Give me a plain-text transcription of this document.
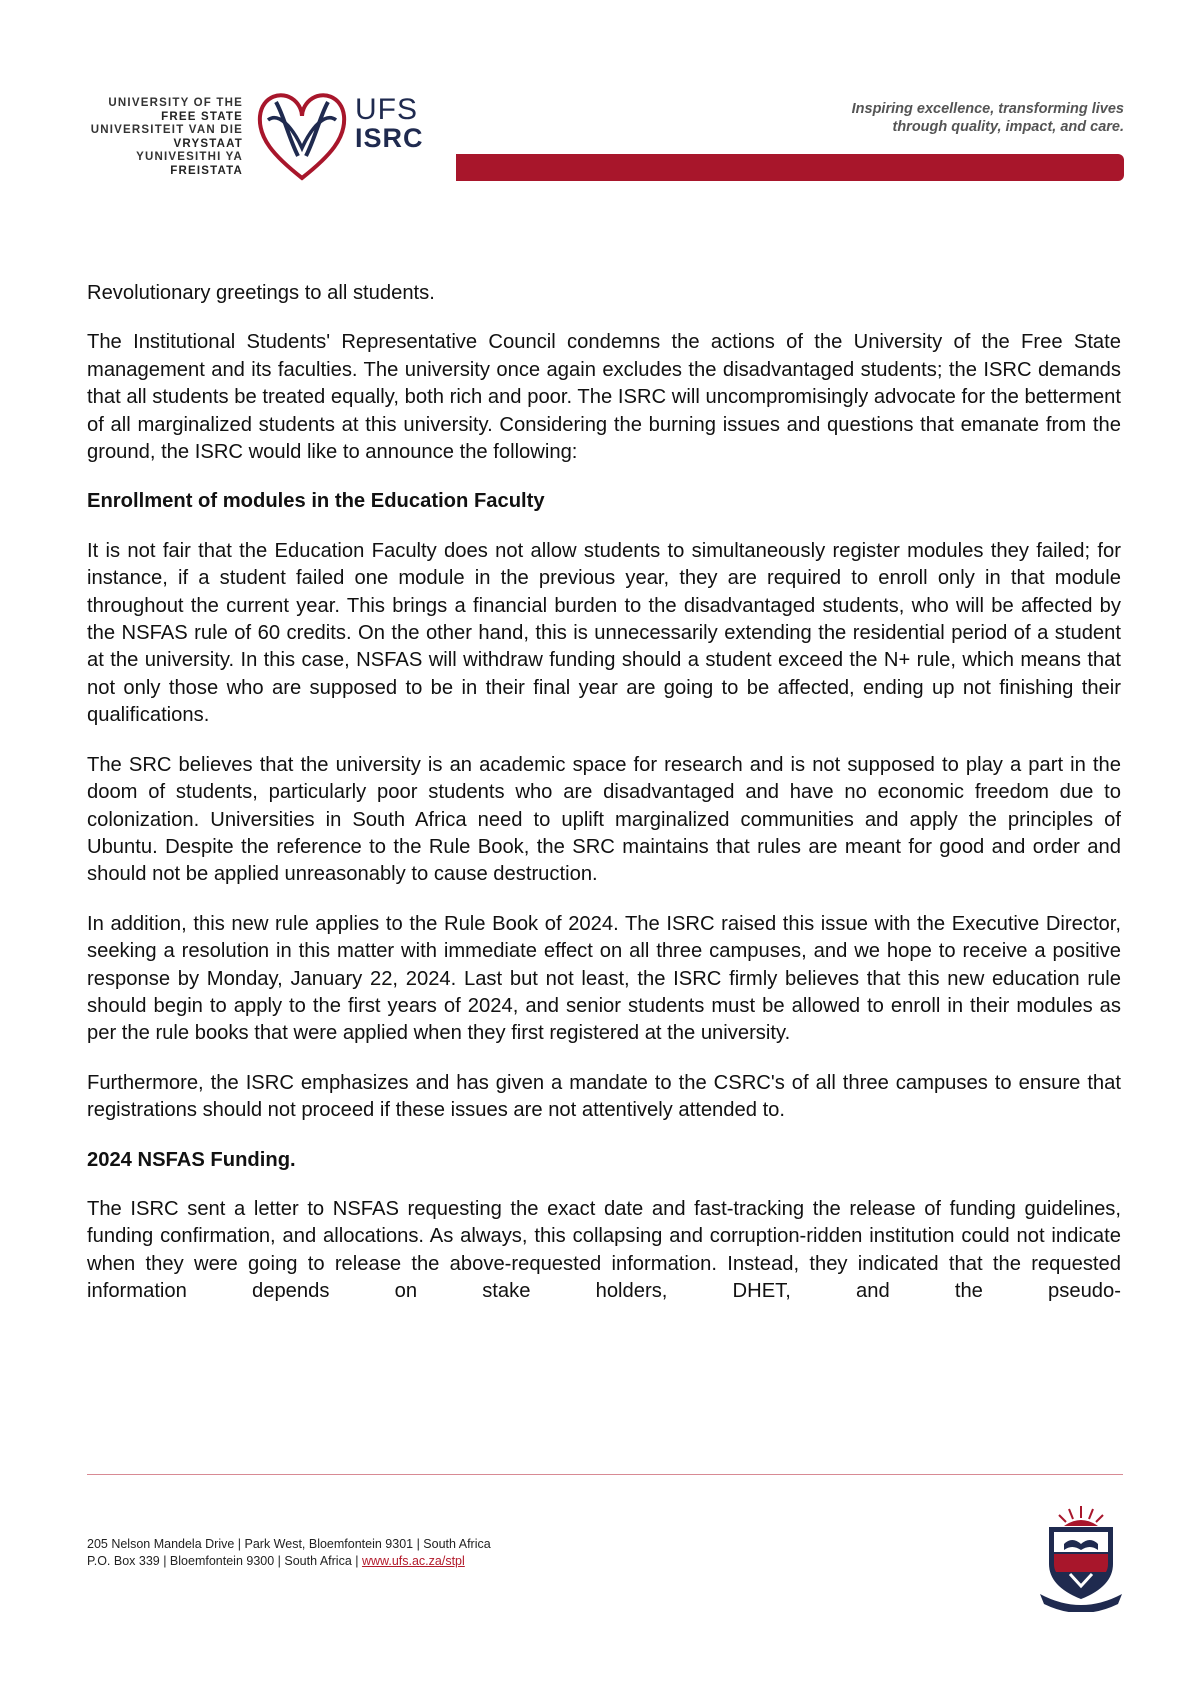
UNIVERSITY OF THE
FREE STATE
UNIVERSITEIT VAN DIE
VRYSTAAT
YUNIVESITHI YA
FREISTATA
UFS
ISRC
Inspiring excellence, transforming lives
through quality, impact, and care.

Revolutionary greetings to all students.

The Institutional Students' Representative Council condemns the actions of the University of the Free State management and its faculties. The university once again excludes the disadvantaged students; the ISRC demands that all students be treated equally, both rich and poor. The ISRC will uncompromisingly advocate for the betterment of all marginalized students at this university. Considering the burning issues and questions that emanate from the ground, the ISRC would like to announce the following:

Enrollment of modules in the Education Faculty

It is not fair that the Education Faculty does not allow students to simultaneously register modules they failed; for instance, if a student failed one module in the previous year, they are required to enroll only in that module throughout the current year. This brings a financial burden to the disadvantaged students, who will be affected by the NSFAS rule of 60 credits. On the other hand, this is unnecessarily extending the residential period of a student at the university. In this case, NSFAS will withdraw funding should a student exceed the N+ rule, which means that not only those who are supposed to be in their final year are going to be affected, ending up not finishing their qualifications.

The SRC believes that the university is an academic space for research and is not supposed to play a part in the doom of students, particularly poor students who are disadvantaged and have no economic freedom due to colonization. Universities in South Africa need to uplift marginalized communities and apply the principles of Ubuntu. Despite the reference to the Rule Book, the SRC maintains that rules are meant for good and order and should not be applied unreasonably to cause destruction.

In addition, this new rule applies to the Rule Book of 2024. The ISRC raised this issue with the Executive Director, seeking a resolution in this matter with immediate effect on all three campuses, and we hope to receive a positive response by Monday, January 22, 2024. Last but not least, the ISRC firmly believes that this new education rule should begin to apply to the first years of 2024, and senior students must be allowed to enroll in their modules as per the rule books that were applied when they first registered at the university.

Furthermore, the ISRC emphasizes and has given a mandate to the CSRC's of all three campuses to ensure that registrations should not proceed if these issues are not attentively attended to.

2024 NSFAS Funding.

The ISRC sent a letter to NSFAS requesting the exact date and fast-tracking the release of funding guidelines, funding confirmation, and allocations. As always, this collapsing and corruption-ridden institution could not indicate when they were going to release the above-requested information. Instead, they indicated that the requested information depends on stake holders, DHET, and the pseudo-

205 Nelson Mandela Drive | Park West, Bloemfontein 9301 | South Africa
P.O. Box 339 | Bloemfontein 9300 | South Africa | www.ufs.ac.za/stpl
